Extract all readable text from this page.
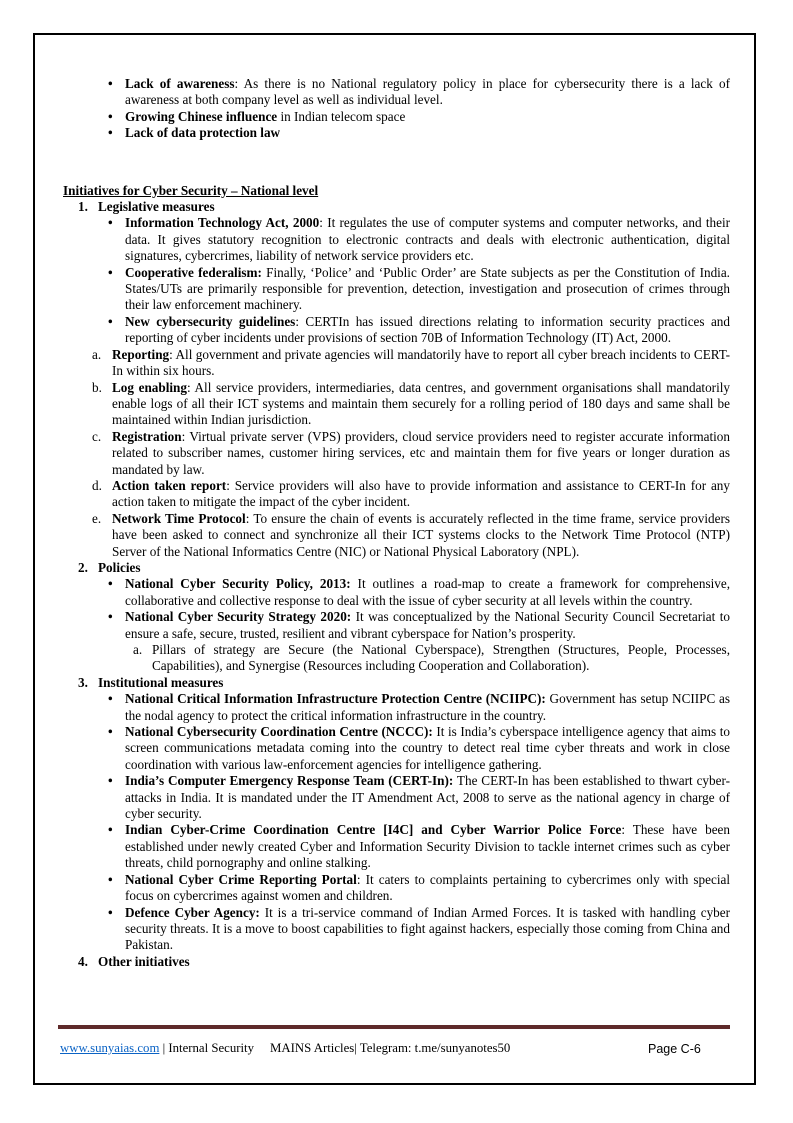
• Lack of awareness: As there is no National regulatory policy in place for cybersecurity there is a lack of awareness at both company level as well as individual level.
• Growing Chinese influence in Indian telecom space
• Lack of data protection law
Initiatives for Cyber Security – National level
1. Legislative measures
• Information Technology Act, 2000: It regulates the use of computer systems and computer networks, and their data. It gives statutory recognition to electronic contracts and deals with electronic authentication, digital signatures, cybercrimes, liability of network service providers etc.
• Cooperative federalism: Finally, ‘Police’ and ‘Public Order’ are State subjects as per the Constitution of India. States/UTs are primarily responsible for prevention, detection, investigation and prosecution of crimes through their law enforcement machinery.
• New cybersecurity guidelines: CERTIn has issued directions relating to information security practices and reporting of cyber incidents under provisions of section 70B of Information Technology (IT) Act, 2000.
a. Reporting: All government and private agencies will mandatorily have to report all cyber breach incidents to CERT-In within six hours.
b. Log enabling: All service providers, intermediaries, data centres, and government organisations shall mandatorily enable logs of all their ICT systems and maintain them securely for a rolling period of 180 days and same shall be maintained within Indian jurisdiction.
c. Registration: Virtual private server (VPS) providers, cloud service providers need to register accurate information related to subscriber names, customer hiring services, etc and maintain them for five years or longer duration as mandated by law.
d. Action taken report: Service providers will also have to provide information and assistance to CERT-In for any action taken to mitigate the impact of the cyber incident.
e. Network Time Protocol: To ensure the chain of events is accurately reflected in the time frame, service providers have been asked to connect and synchronize all their ICT systems clocks to the Network Time Protocol (NTP) Server of the National Informatics Centre (NIC) or National Physical Laboratory (NPL).
2. Policies
• National Cyber Security Policy, 2013: It outlines a road-map to create a framework for comprehensive, collaborative and collective response to deal with the issue of cyber security at all levels within the country.
• National Cyber Security Strategy 2020: It was conceptualized by the National Security Council Secretariat to ensure a safe, secure, trusted, resilient and vibrant cyberspace for Nation’s prosperity.
a. Pillars of strategy are Secure (the National Cyberspace), Strengthen (Structures, People, Processes, Capabilities), and Synergise (Resources including Cooperation and Collaboration).
3. Institutional measures
• National Critical Information Infrastructure Protection Centre (NCIIPC): Government has setup NCIIPC as the nodal agency to protect the critical information infrastructure in the country.
• National Cybersecurity Coordination Centre (NCCC): It is India’s cyberspace intelligence agency that aims to screen communications metadata coming into the country to detect real time cyber threats and work in close coordination with various law-enforcement agencies for intelligence gathering.
• India’s Computer Emergency Response Team (CERT-In): The CERT-In has been established to thwart cyber-attacks in India. It is mandated under the IT Amendment Act, 2008 to serve as the national agency in charge of cyber security.
• Indian Cyber-Crime Coordination Centre [I4C] and Cyber Warrior Police Force: These have been established under newly created Cyber and Information Security Division to tackle internet crimes such as cyber threats, child pornography and online stalking.
• National Cyber Crime Reporting Portal: It caters to complaints pertaining to cybercrimes only with special focus on cybercrimes against women and children.
• Defence Cyber Agency: It is a tri-service command of Indian Armed Forces. It is tasked with handling cyber security threats. It is a move to boost capabilities to fight against hackers, especially those coming from China and Pakistan.
4. Other initiatives
www.sunyaias.com | Internal Security MAINS Articles| Telegram: t.me/sunyanotes50	Page C-6
